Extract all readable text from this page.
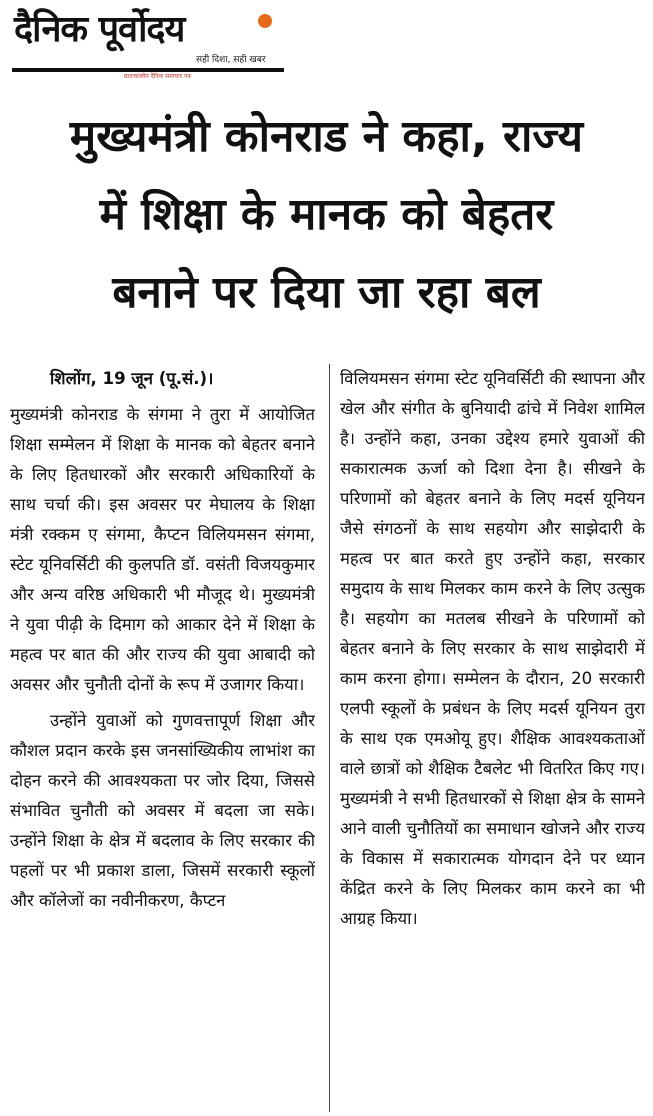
दैनिक पूर्वोदय
सही दिशा, सही खबर
प्रातःकालीन दैनिक समाचार पत्र
मुख्यमंत्री कोनराड ने कहा, राज्य
में शिक्षा के मानक को बेहतर
बनाने पर दिया जा रहा बल

शिलोंग, 19 जून (पू.सं.)।

मुख्यमंत्री कोनराड के संगमा ने तुरा में आयोजित शिक्षा सम्मेलन में शिक्षा के मानक को बेहतर बनाने के लिए हितधारकों और सरकारी अधिकारियों के साथ चर्चा की। इस अवसर पर मेघालय के शिक्षा मंत्री रक्कम ए संगमा, कैप्टन विलियमसन संगमा, स्टेट यूनिवर्सिटी की कुलपति डॉ. वसंती विजयकुमार और अन्य वरिष्ठ अधिकारी भी मौजूद थे। मुख्यमंत्री ने युवा पीढ़ी के दिमाग को आकार देने में शिक्षा के महत्व पर बात की और राज्य की युवा आबादी को अवसर और चुनौती दोनों के रूप में उजागर किया।

उन्होंने युवाओं को गुणवत्तापूर्ण शिक्षा और कौशल प्रदान करके इस जनसांख्यिकीय लाभांश का दोहन करने की आवश्यकता पर जोर दिया, जिससे संभावित चुनौती को अवसर में बदला जा सके। उन्होंने शिक्षा के क्षेत्र में बदलाव के लिए सरकार की पहलों पर भी प्रकाश डाला, जिसमें सरकारी स्कूलों और कॉलेजों का नवीनीकरण, कैप्टन

विलियमसन संगमा स्टेट यूनिवर्सिटी की स्थापना और खेल और संगीत के बुनियादी ढांचे में निवेश शामिल है। उन्होंने कहा, उनका उद्देश्य हमारे युवाओं की सकारात्मक ऊर्जा को दिशा देना है। सीखने के परिणामों को बेहतर बनाने के लिए मदर्स यूनियन जैसे संगठनों के साथ सहयोग और साझेदारी के महत्व पर बात करते हुए उन्होंने कहा, सरकार समुदाय के साथ मिलकर काम करने के लिए उत्सुक है। सहयोग का मतलब सीखने के परिणामों को बेहतर बनाने के लिए सरकार के साथ साझेदारी में काम करना होगा। सम्मेलन के दौरान, 20 सरकारी एलपी स्कूलों के प्रबंधन के लिए मदर्स यूनियन तुरा के साथ एक एमओयू हुए। शैक्षिक आवश्यकताओं वाले छात्रों को शैक्षिक टैबलेट भी वितरित किए गए। मुख्यमंत्री ने सभी हितधारकों से शिक्षा क्षेत्र के सामने आने वाली चुनौतियों का समाधान खोजने और राज्य के विकास में सकारात्मक योगदान देने पर ध्यान केंद्रित करने के लिए मिलकर काम करने का भी आग्रह किया।
